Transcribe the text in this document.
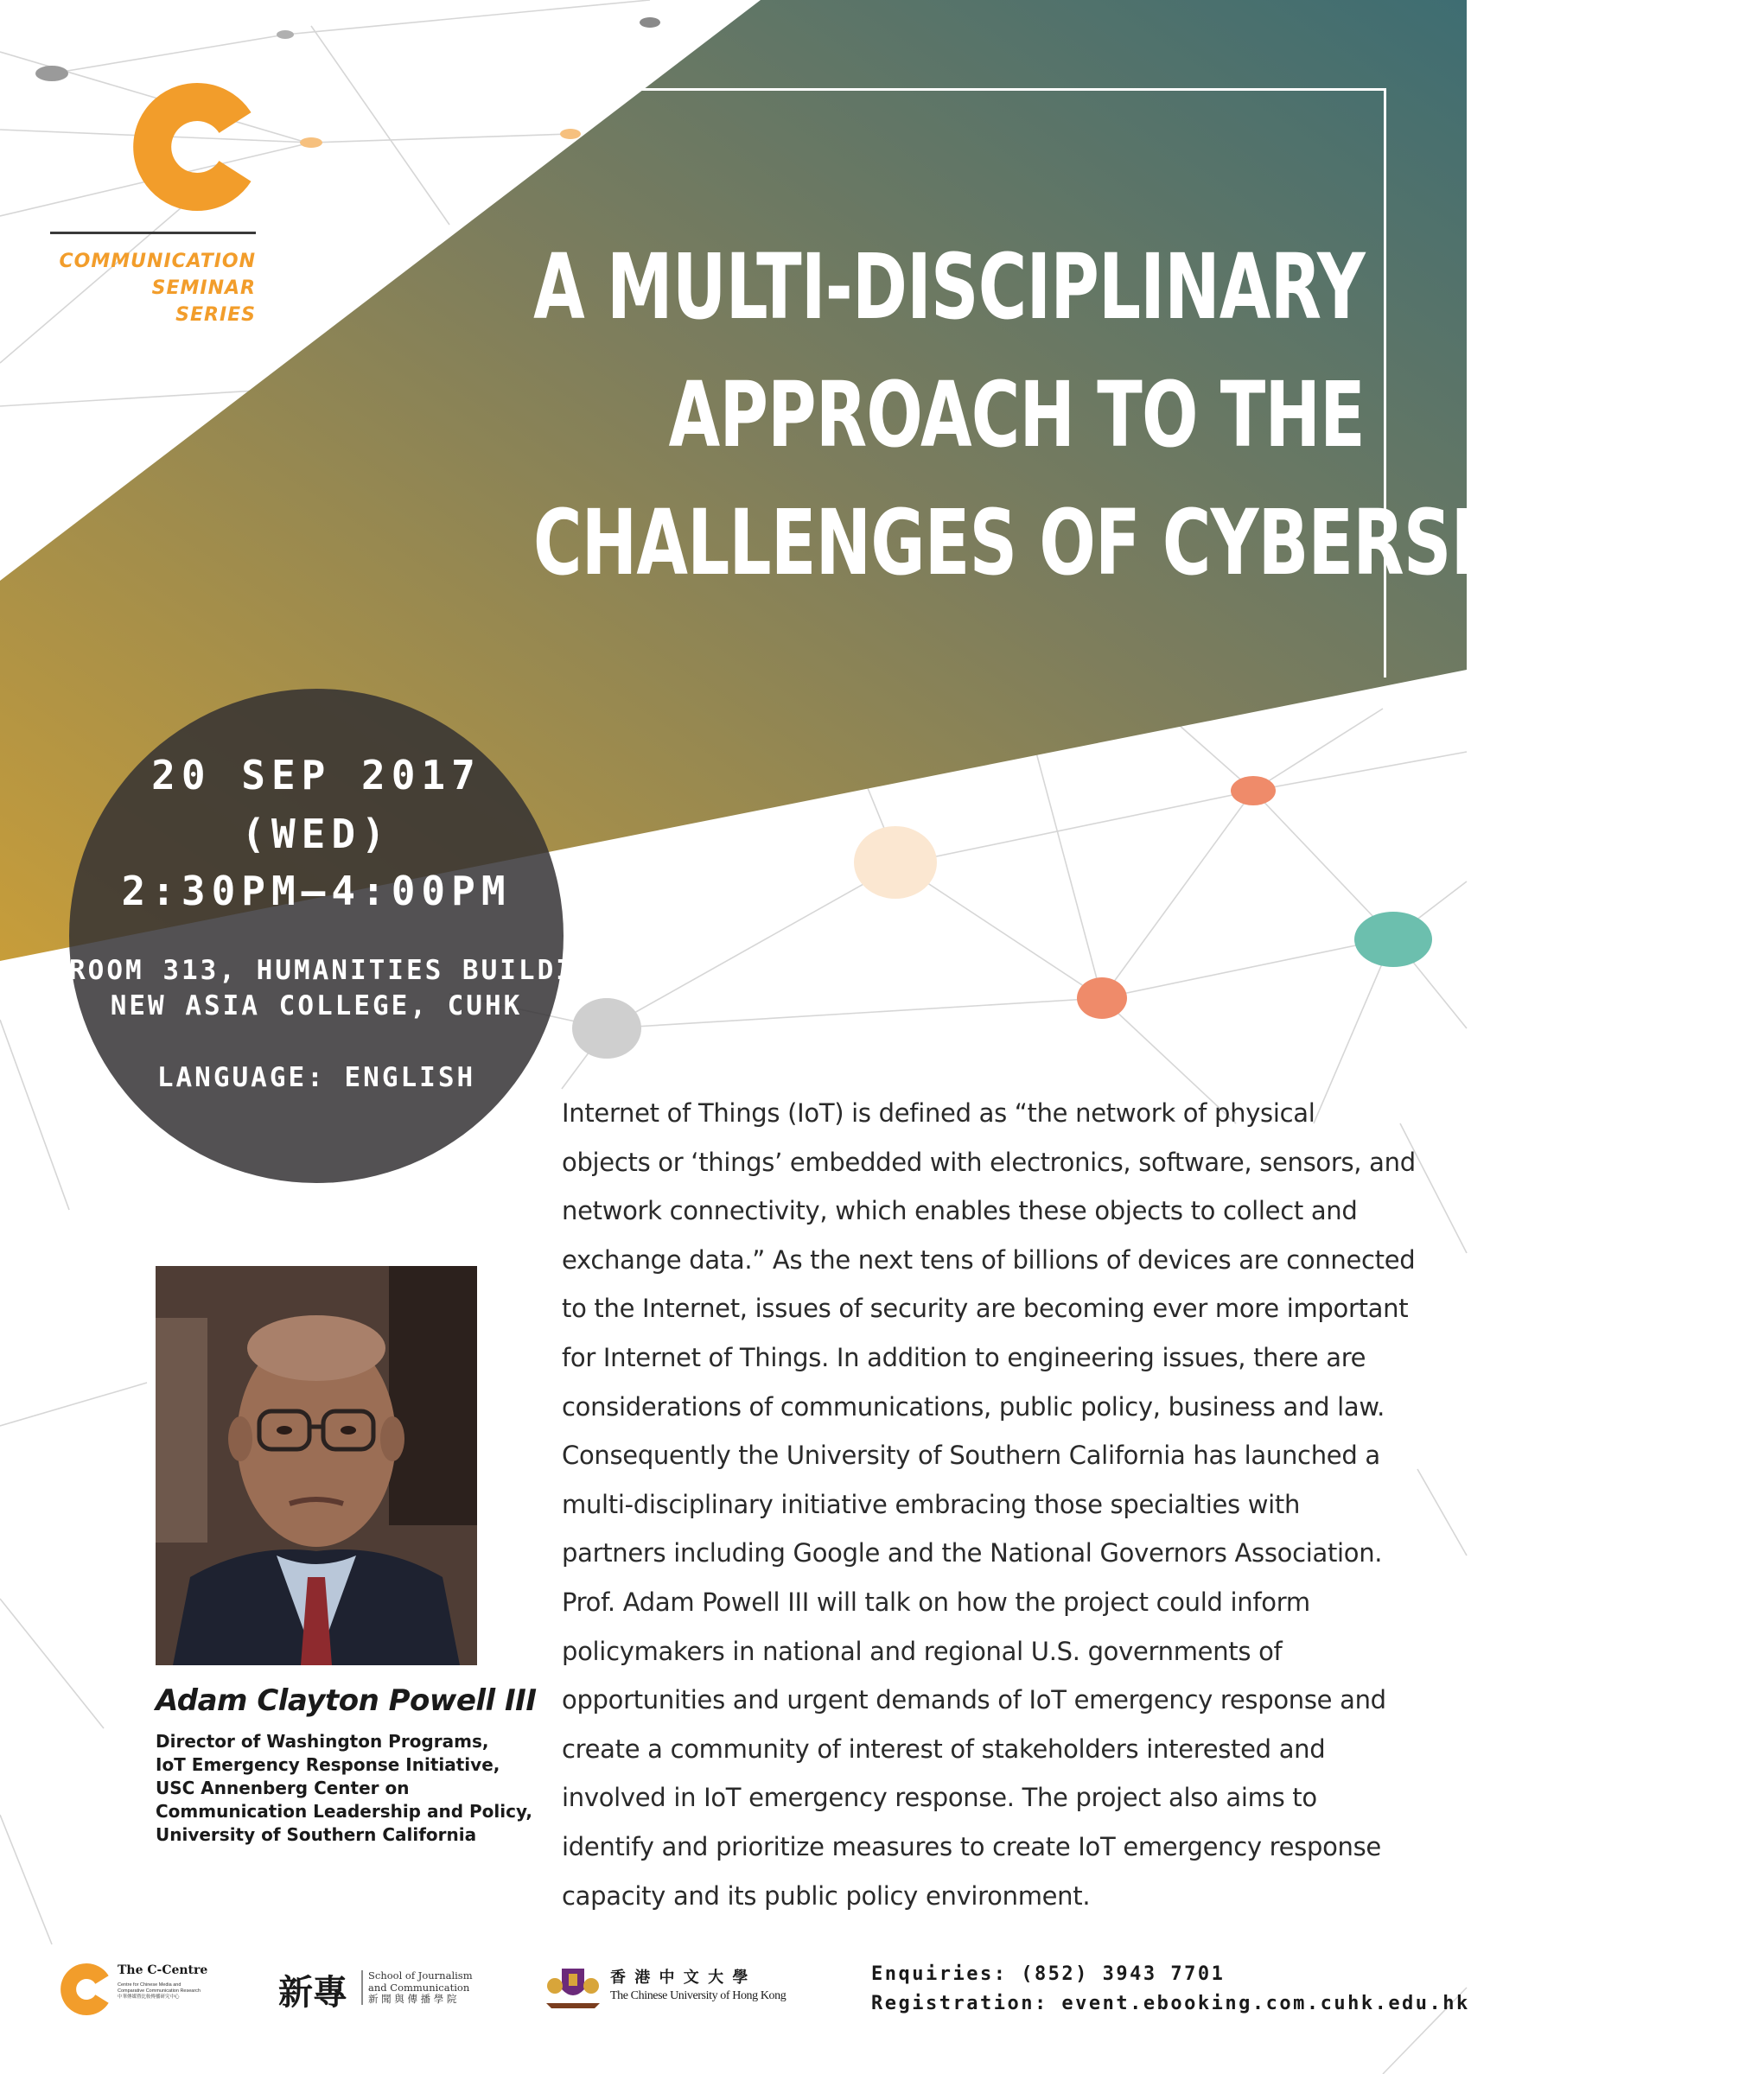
COMMUNICATION
SEMINAR
SERIES	A MULTI-DISCIPLINARY
APPROACH TO THE
CHALLENGES OF CYBERSECURITY
20 SEP 2017
(WED)
2:30PM–4:00PM
ROOM 313, HUMANITIES BUILDING,
NEW ASIA COLLEGE, CUHK
LANGUAGE: ENGLISH
Adam Clayton Powell III
Director of Washington Programs,
IoT Emergency Response Initiative,
USC Annenberg Center on
Communication Leadership and Policy,
University of Southern California
Internet of Things (IoT) is defined as “the network of physical
objects or ‘things’ embedded with electronics, software, sensors, and
network connectivity, which enables these objects to collect and
exchange data.” As the next tens of billions of devices are connected
to the Internet, issues of security are becoming ever more important
for Internet of Things. In addition to engineering issues, there are
considerations of communications, public policy, business and law.
Consequently the University of Southern California has launched a
multi-disciplinary initiative embracing those specialties with
partners including Google and the National Governors Association.
Prof. Adam Powell III will talk on how the project could inform
policymakers in national and regional U.S. governments of
opportunities and urgent demands of IoT emergency response and
create a community of interest of stakeholders interested and
involved in IoT emergency response. The project also aims to
identify and prioritize measures to create IoT emergency response
capacity and its public policy environment.
The C-Centre
Centre for Chinese Media and
Comparative Communication Research
中華傳媒暨比較傳播研究中心	新專 School of Journalism
and Communication
新 聞 與 傳 播 學 院
香 港 中 文 大 學
The Chinese University of Hong Kong
Enquiries: (852) 3943 7701
Registration: event.ebooking.com.cuhk.edu.hk
